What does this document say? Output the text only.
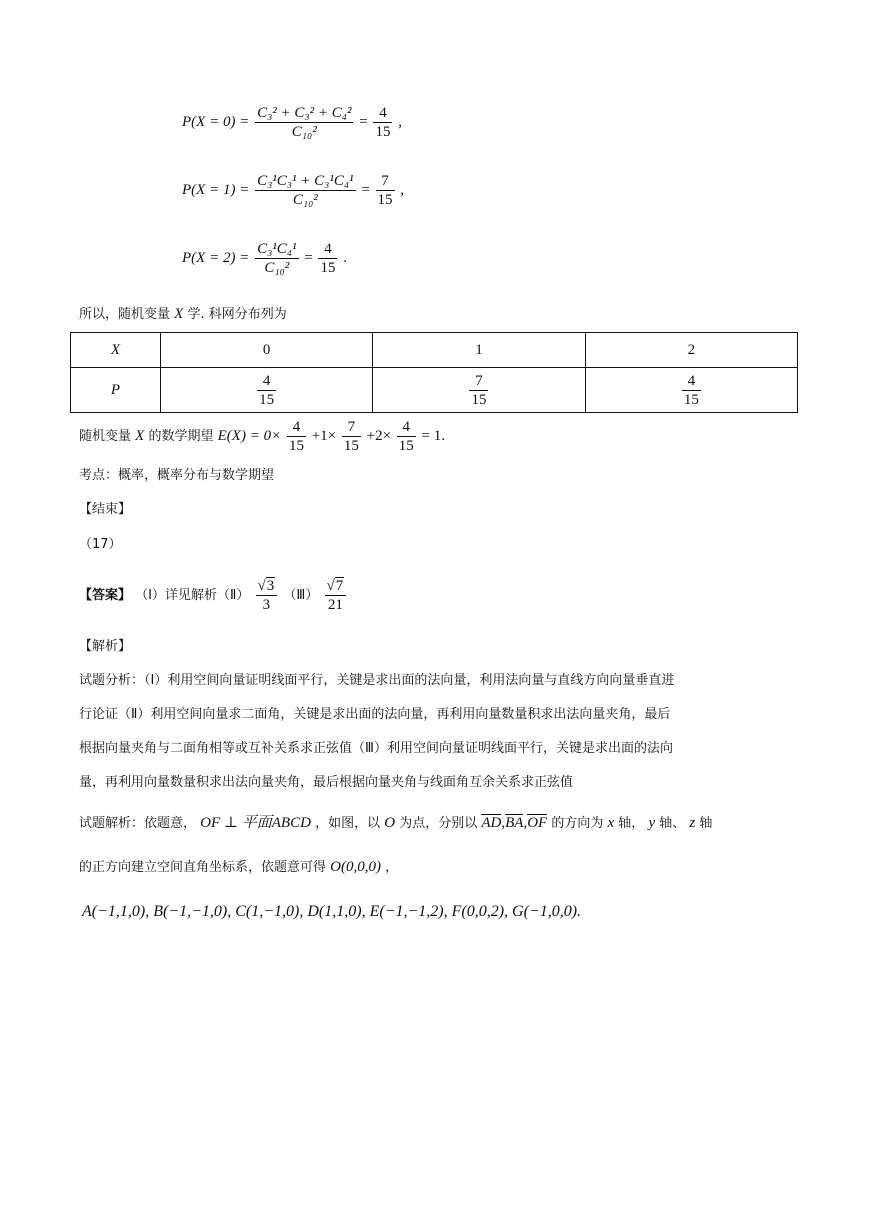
$P(X = 0) = \frac{\text{C₃² + C₃² + C₄²}}{\text{C₁₀²}} = \frac{4}{15}$ ,
$P(X = 1) = \frac{\text{C₃¹C₃¹ + C₃¹C₄¹}}{\text{C₁₀²}} = \frac{7}{15}$ ,
$P(X = 2) = \frac{\text{C₃¹C₄¹}}{\text{C₁₀²}} = \frac{4}{15}$ .
所以，随机变量 X 学. 科网分布列为
X	0	1	2
P	$\frac{4}{15}$	$\frac{7}{15}$	$\frac{4}{15}$
随机变量 X 的数学期望 $E(X) = 0\times \frac{4}{15} +1\times \frac{7}{15} +2\times \frac{4}{15} = 1$.
考点：概率，概率分布与数学期望
【结束】
（17）
【答案】 （Ⅰ）详见解析（Ⅱ） $\frac{√3}{3}$ （Ⅲ） $\frac{√7}{21}$
【解析】
试题分析：（Ⅰ）利用空间向量证明线面平行，关键是求出面的法向量，利用法向量与直线方向向量垂直进
行论证（Ⅱ）利用空间向量求二面角，关键是求出面的法向量，再利用向量数量积求出法向量夹角，最后
根据向量夹角与二面角相等或互补关系求正弦值（Ⅲ）利用空间向量证明线面平行，关键是求出面的法向
量，再利用向量数量积求出法向量夹角，最后根据向量夹角与线面角互余关系求正弦值
试题解析：依题意， OF ⊥ 平面ABCD ，如图，以 O 为点，分别以 AD,BA,OF 的方向为 x 轴， y 轴、 z 轴
的正方向建立空间直角坐标系，依题意可得 O(0,0,0) ，
A(−1,1,0), B(−1,−1,0), C(1,−1,0), D(1,1,0), E(−1,−1,2), F(0,0,2), G(−1,0,0).
